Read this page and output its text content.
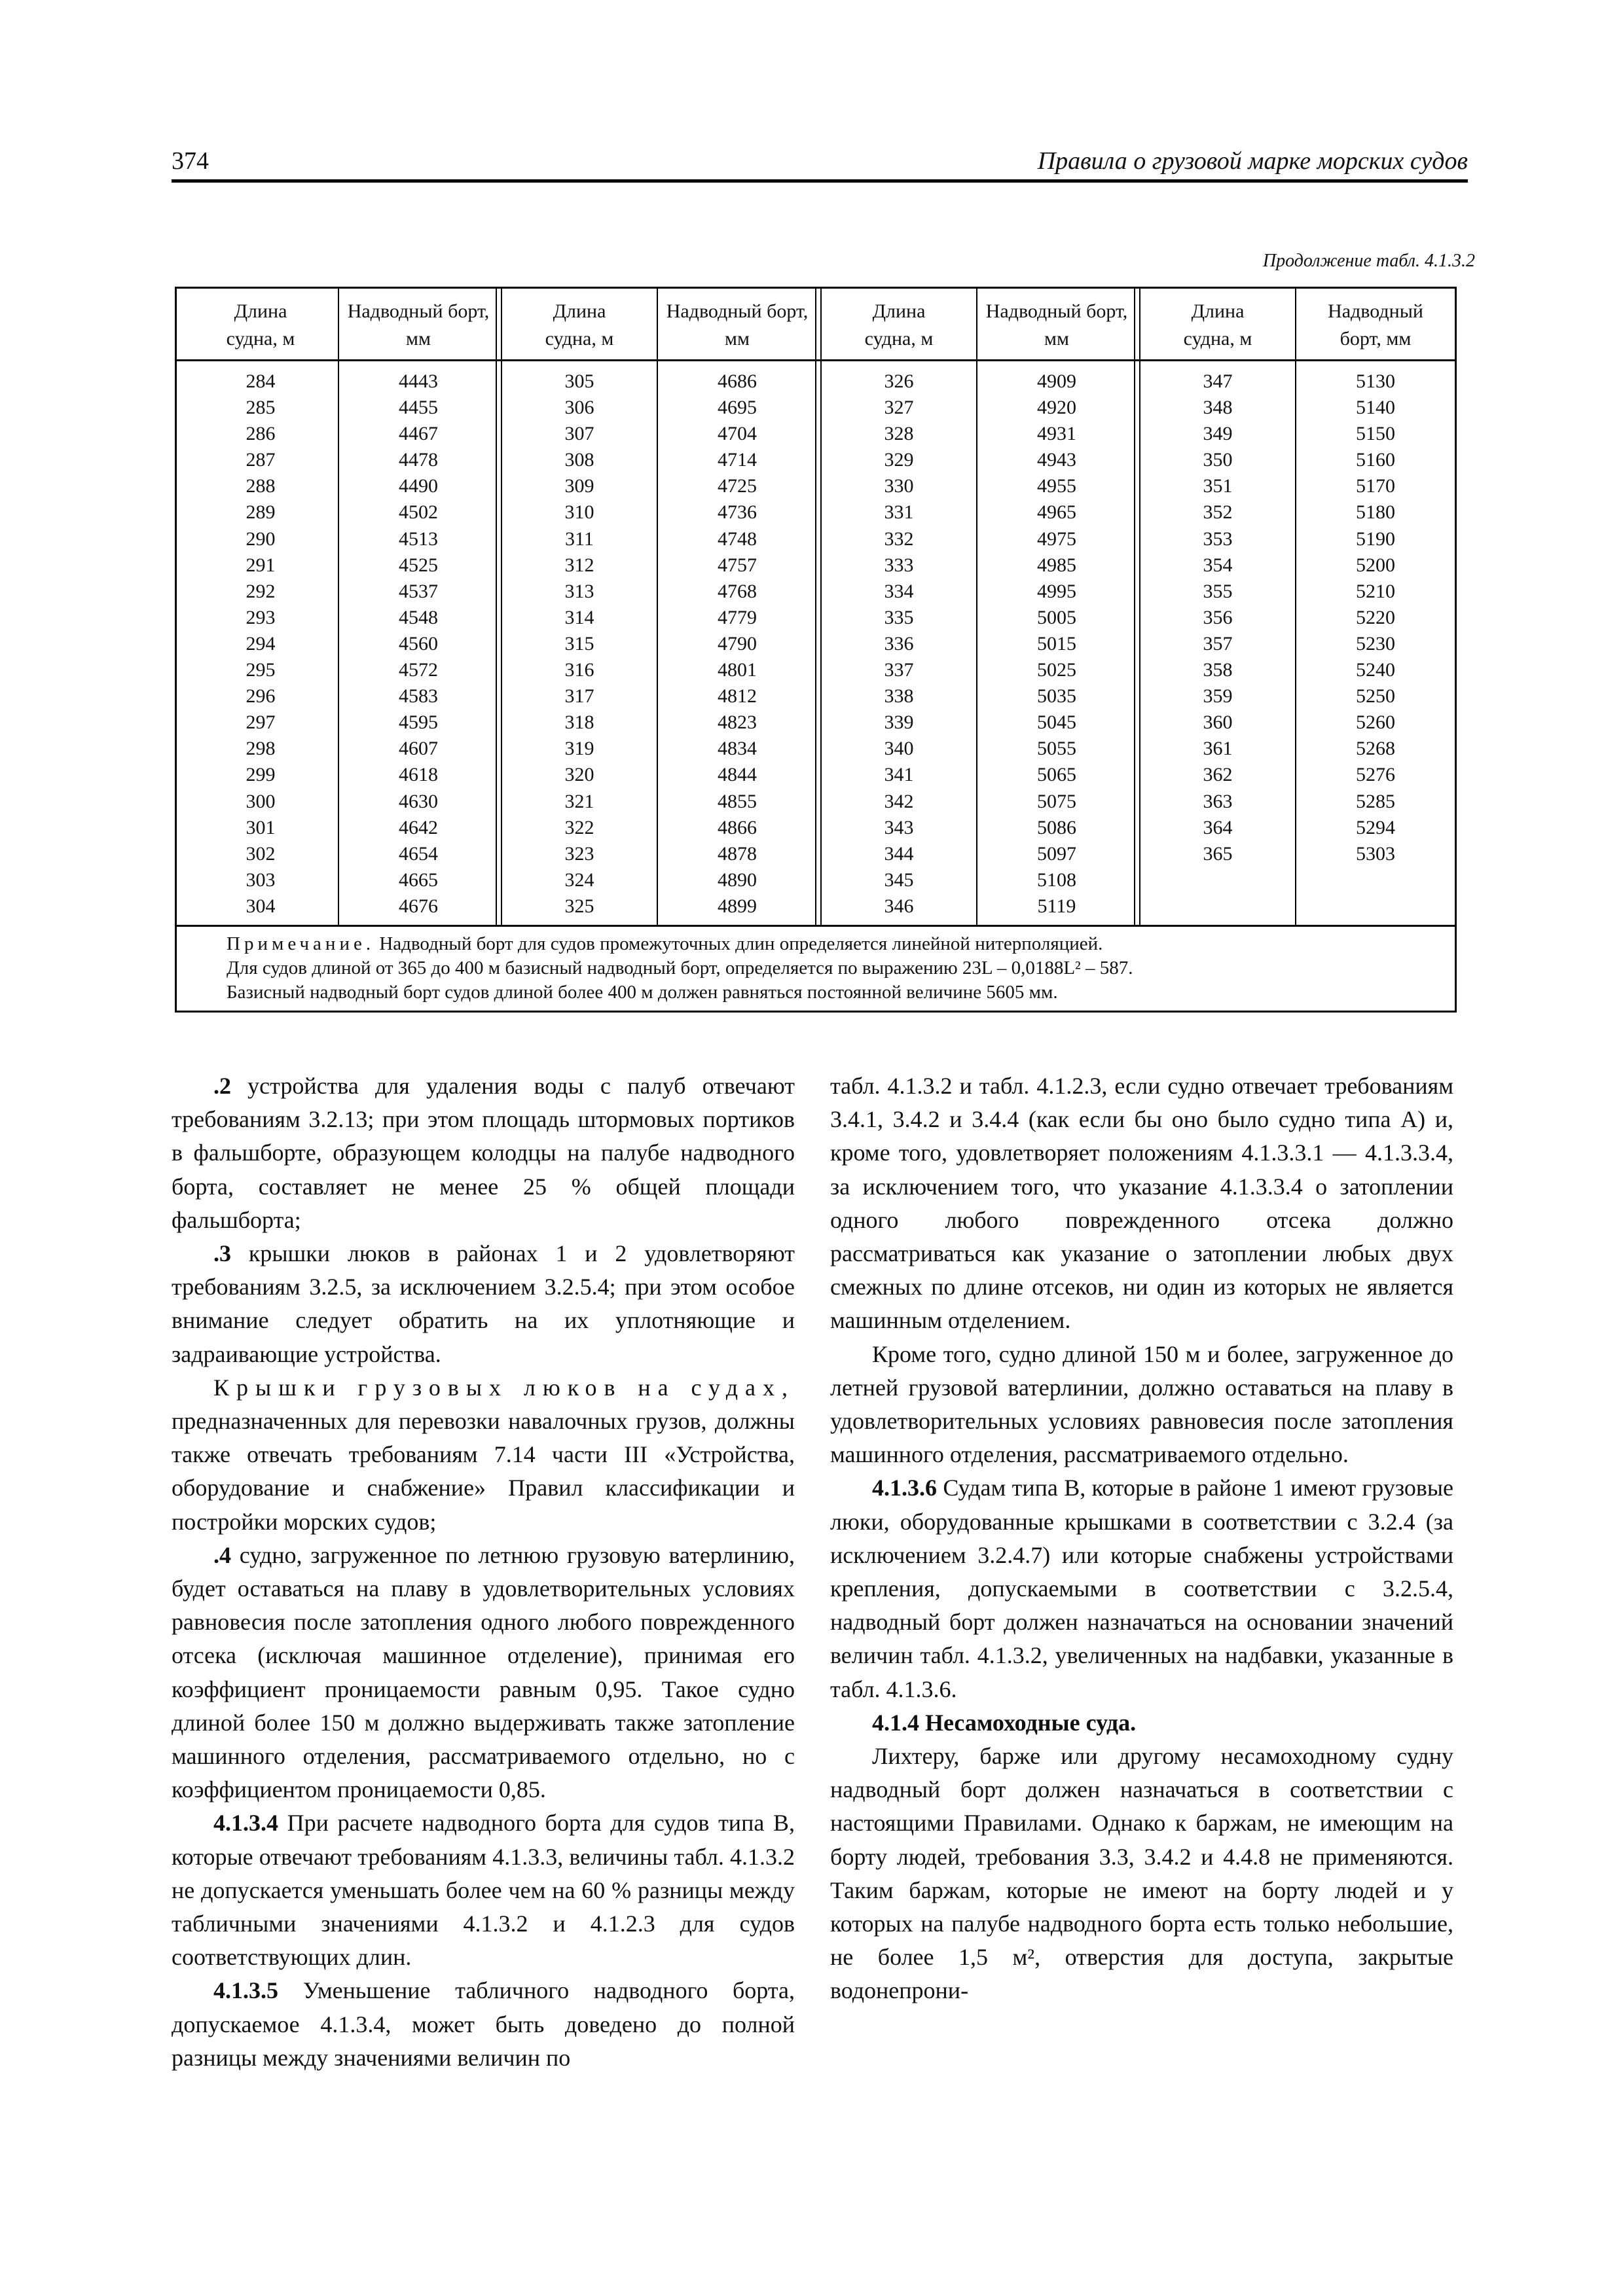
374	Правила о грузовой марке морских судов
Продолжение табл. 4.1.3.2
Длина
судна, м
Надводный борт,
мм
Длина
судна, м
Надводный борт,
мм
Длина
судна, м
Надводный борт,
мм
Длина
судна, м
Надводный
борт, мм
284
285
286
287
288
289
290
291
292
293
294
295
296
297
298
299
300
301
302
303
304
4443
4455
4467
4478
4490
4502
4513
4525
4537
4548
4560
4572
4583
4595
4607
4618
4630
4642
4654
4665
4676
305
306
307
308
309
310
311
312
313
314
315
316
317
318
319
320
321
322
323
324
325
4686
4695
4704
4714
4725
4736
4748
4757
4768
4779
4790
4801
4812
4823
4834
4844
4855
4866
4878
4890
4899
326
327
328
329
330
331
332
333
334
335
336
337
338
339
340
341
342
343
344
345
346
4909
4920
4931
4943
4955
4965
4975
4985
4995
5005
5015
5025
5035
5045
5055
5065
5075
5086
5097
5108
5119
347
348
349
350
351
352
353
354
355
356
357
358
359
360
361
362
363
364
365
5130
5140
5150
5160
5170
5180
5190
5200
5210
5220
5230
5240
5250
5260
5268
5276
5285
5294
5303
Примечание. Надводный борт для судов промежуточных длин определяется линейной нитерполяцией.
Для судов длиной от 365 до 400 м базисный надводный борт, определяется по выражению 23L – 0,0188L² – 587.
Базисный надводный борт судов длиной более 400 м должен равняться постоянной величине 5605 мм.

.2 устройства для удаления воды с палуб отвечают требованиям 3.2.13; при этом площадь штормовых портиков в фальшборте, образующем колодцы на палубе надводного борта, составляет не менее 25 % общей площади фальшборта;

.3 крышки люков в районах 1 и 2 удовлетворяют требованиям 3.2.5, за исключением 3.2.5.4; при этом особое внимание следует обратить на их уплотняющие и задраивающие устройства.

Крышки грузовых люков на судах, предназначенных для перевозки навалочных грузов, должны также отвечать требованиям 7.14 части III «Устройства, оборудование и снабжение» Правил классификации и постройки морских судов;

.4 судно, загруженное по летнюю грузовую ватерлинию, будет оставаться на плаву в удовлетворительных условиях равновесия после затопления одного любого поврежденного отсека (исключая машинное отделение), принимая его коэффициент проницаемости равным 0,95. Такое судно длиной более 150 м должно выдерживать также затопление машинного отделения, рассматриваемого отдельно, но с коэффициентом проницаемости 0,85.

4.1.3.4 При расчете надводного борта для судов типа В, которые отвечают требованиям 4.1.3.3, величины табл. 4.1.3.2 не допускается уменьшать более чем на 60 % разницы между табличными значениями 4.1.3.2 и 4.1.2.3 для судов соответствующих длин.

4.1.3.5 Уменьшение табличного надводного борта, допускаемое 4.1.3.4, может быть доведено до полной разницы между значениями величин по

табл. 4.1.3.2 и табл. 4.1.2.3, если судно отвечает требованиям 3.4.1, 3.4.2 и 3.4.4 (как если бы оно было судно типа А) и, кроме того, удовлетворяет положениям 4.1.3.3.1 — 4.1.3.3.4, за исключением того, что указание 4.1.3.3.4 о затоплении одного любого поврежденного отсека должно рассматриваться как указание о затоплении любых двух смежных по длине отсеков, ни один из которых не является машинным отделением.

Кроме того, судно длиной 150 м и более, загруженное до летней грузовой ватерлинии, должно оставаться на плаву в удовлетворительных условиях равновесия после затопления машинного отделения, рассматриваемого отдельно.

4.1.3.6 Судам типа В, которые в районе 1 имеют грузовые люки, оборудованные крышками в соответствии с 3.2.4 (за исключением 3.2.4.7) или которые снабжены устройствами крепления, допускаемыми в соответствии с 3.2.5.4, надводный борт должен назначаться на основании значений величин табл. 4.1.3.2, увеличенных на надбавки, указанные в табл. 4.1.3.6.

4.1.4 Несамоходные суда.

Лихтеру, барже или другому несамоходному судну надводный борт должен назначаться в соответствии с настоящими Правилами. Однако к баржам, не имеющим на борту людей, требования 3.3, 3.4.2 и 4.4.8 не применяются. Таким баржам, которые не имеют на борту людей и у которых на палубе надводного борта есть только небольшие, не более 1,5 м², отверстия для доступа, закрытые водонепрони-
